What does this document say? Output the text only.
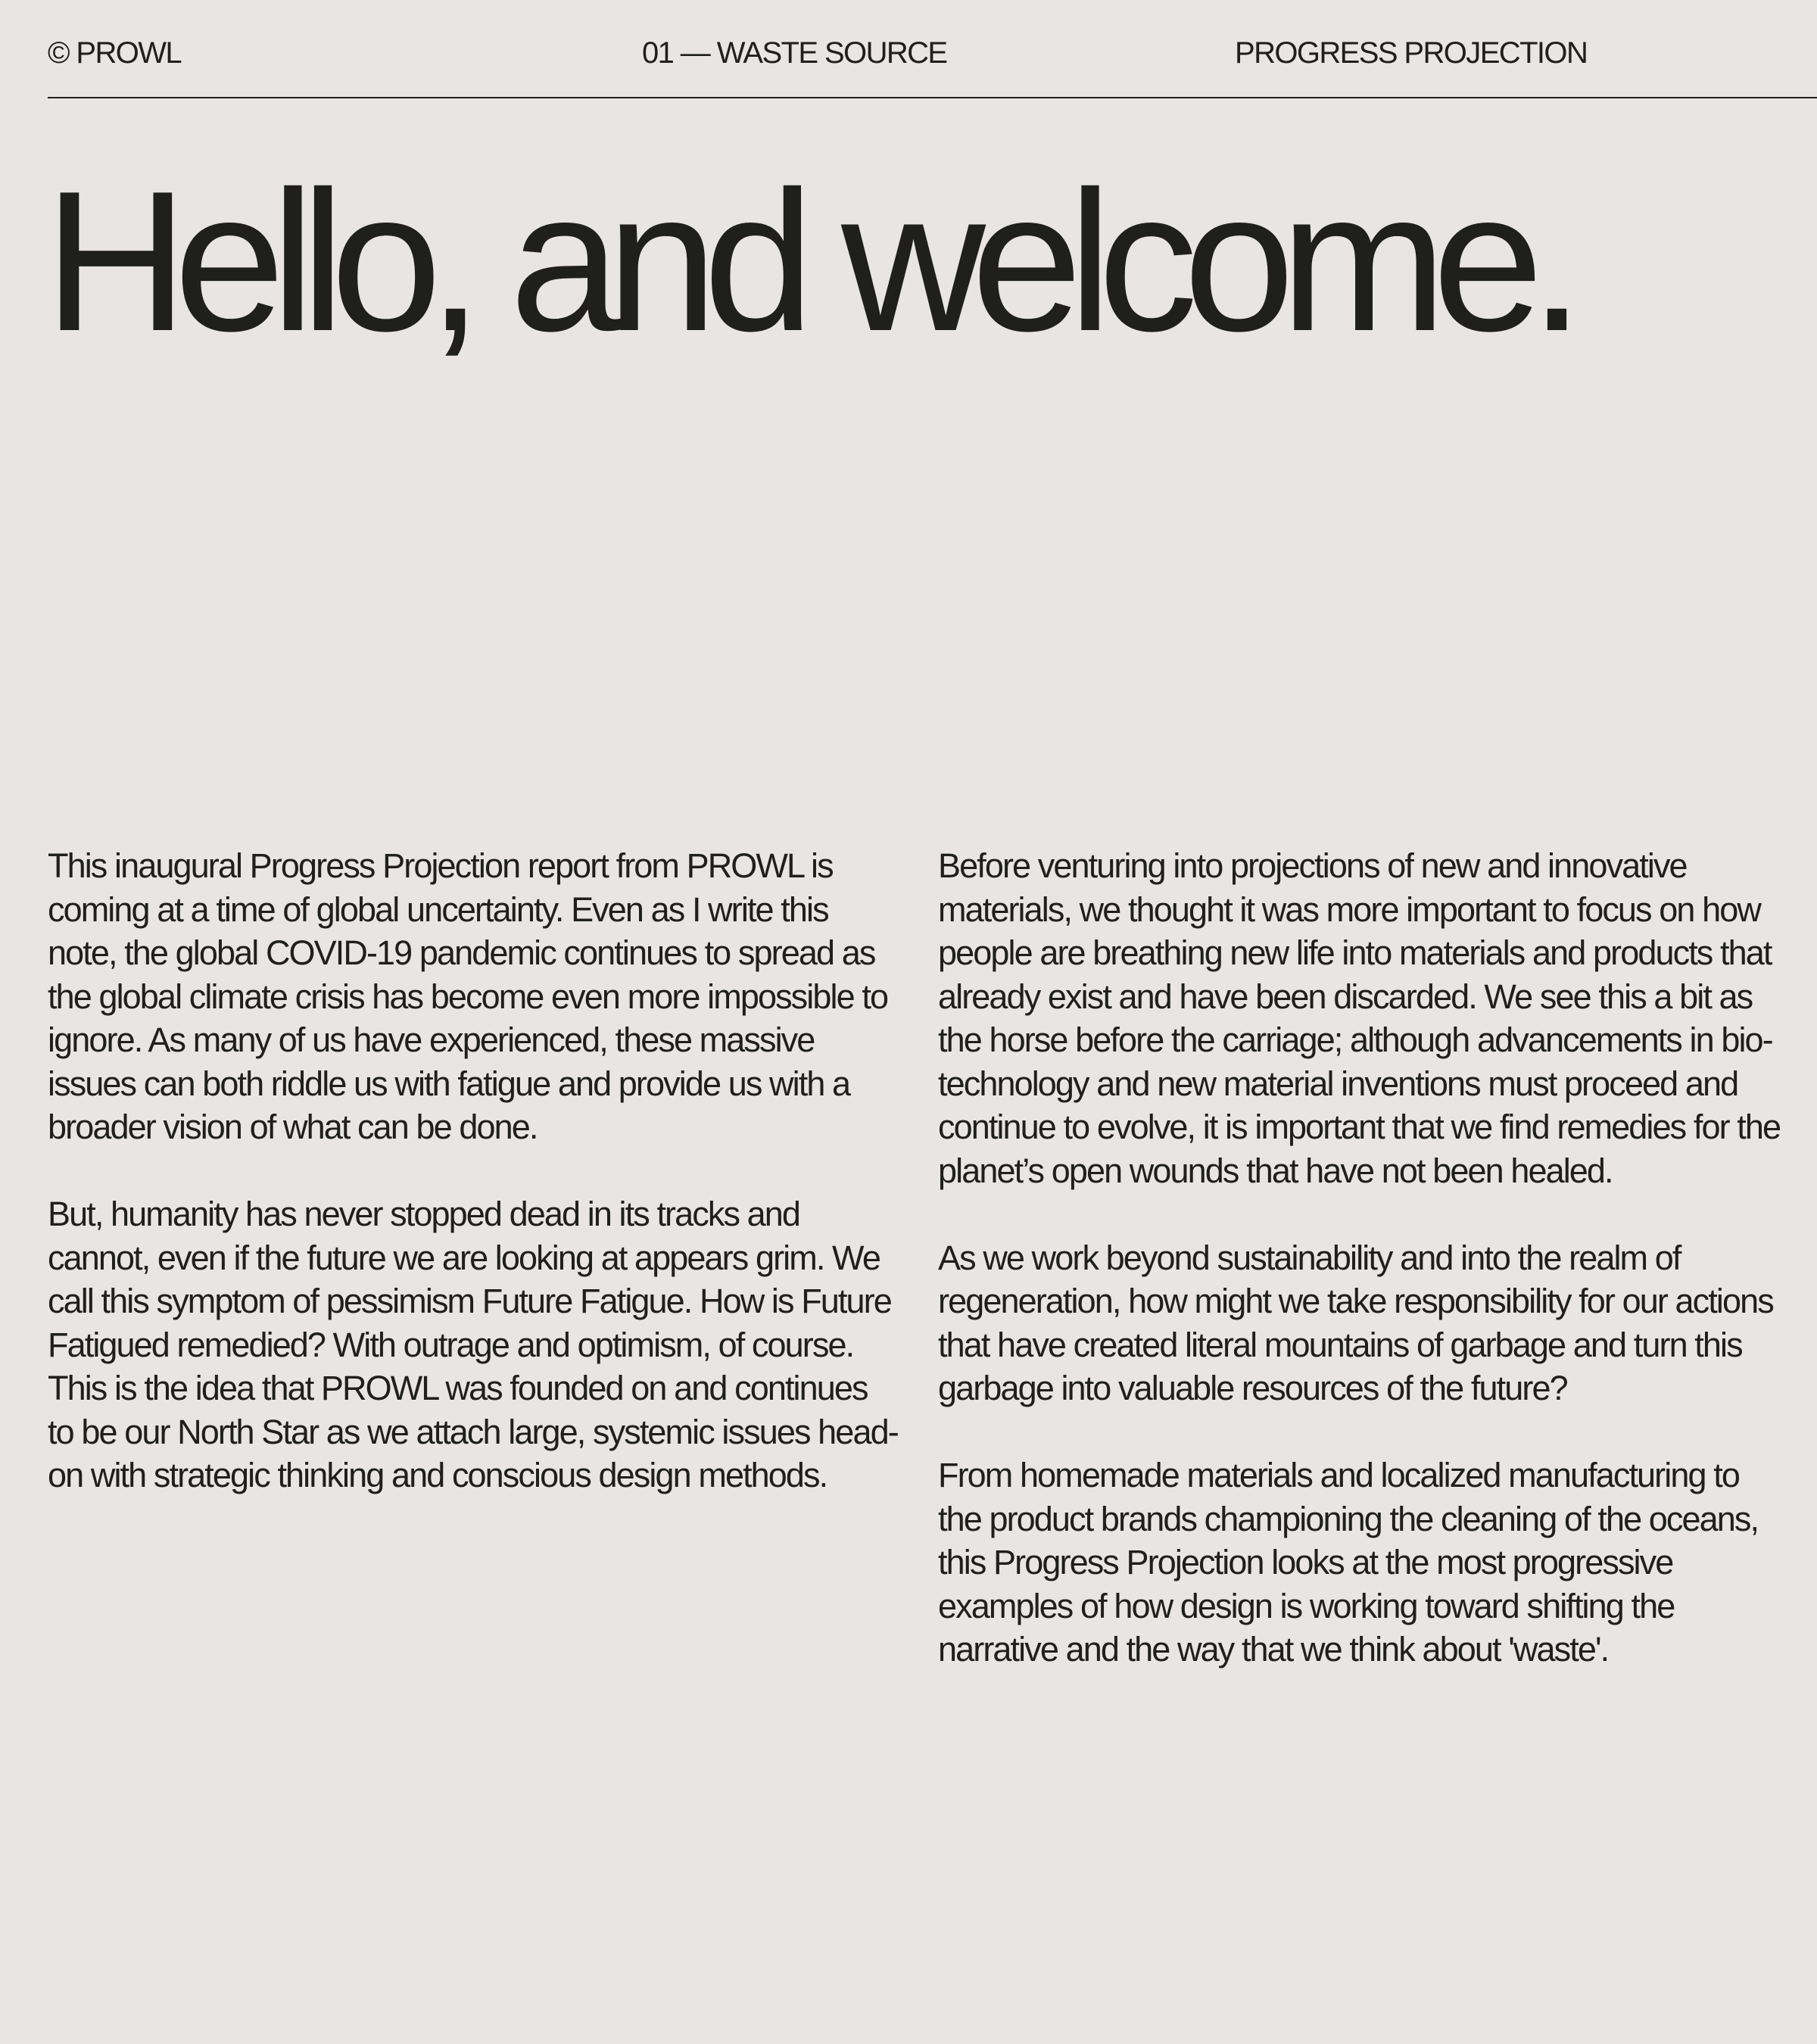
© PROWL	01 — WASTE SOURCE	PROGRESS PROJECTION
Hello, and welcome.

This inaugural Progress Projection report from PROWL is coming at a time of global uncertainty. Even as I write this note, the global COVID-19 pandemic continues to spread as the global climate crisis has become even more impossible to ignore. As many of us have experienced, these massive issues can both riddle us with fatigue and provide us with a broader vision of what can be done.

But, humanity has never stopped dead in its tracks and cannot, even if the future we are looking at appears grim. We call this symptom of pessimism Future Fatigue. How is Future Fatigued remedied? With outrage and optimism, of course. This is the idea that PROWL was founded on and continues to be our North Star as we attach large, systemic issues head-on with strategic thinking and conscious design methods.

Before venturing into projections of new and innovative materials, we thought it was more important to focus on how people are breathing new life into materials and products that already exist and have been discarded. We see this a bit as the horse before the carriage; although advancements in bio-technology and new material inventions must proceed and continue to evolve, it is important that we find remedies for the planet’s open wounds that have not been healed.

As we work beyond sustainability and into the realm of regeneration, how might we take responsibility for our actions that have created literal mountains of garbage and turn this garbage into valuable resources of the future?

From homemade materials and localized manufacturing to the product brands championing the cleaning of the oceans, this Progress Projection looks at the most progressive examples of how design is working toward shifting the narrative and the way that we think about 'waste'.
